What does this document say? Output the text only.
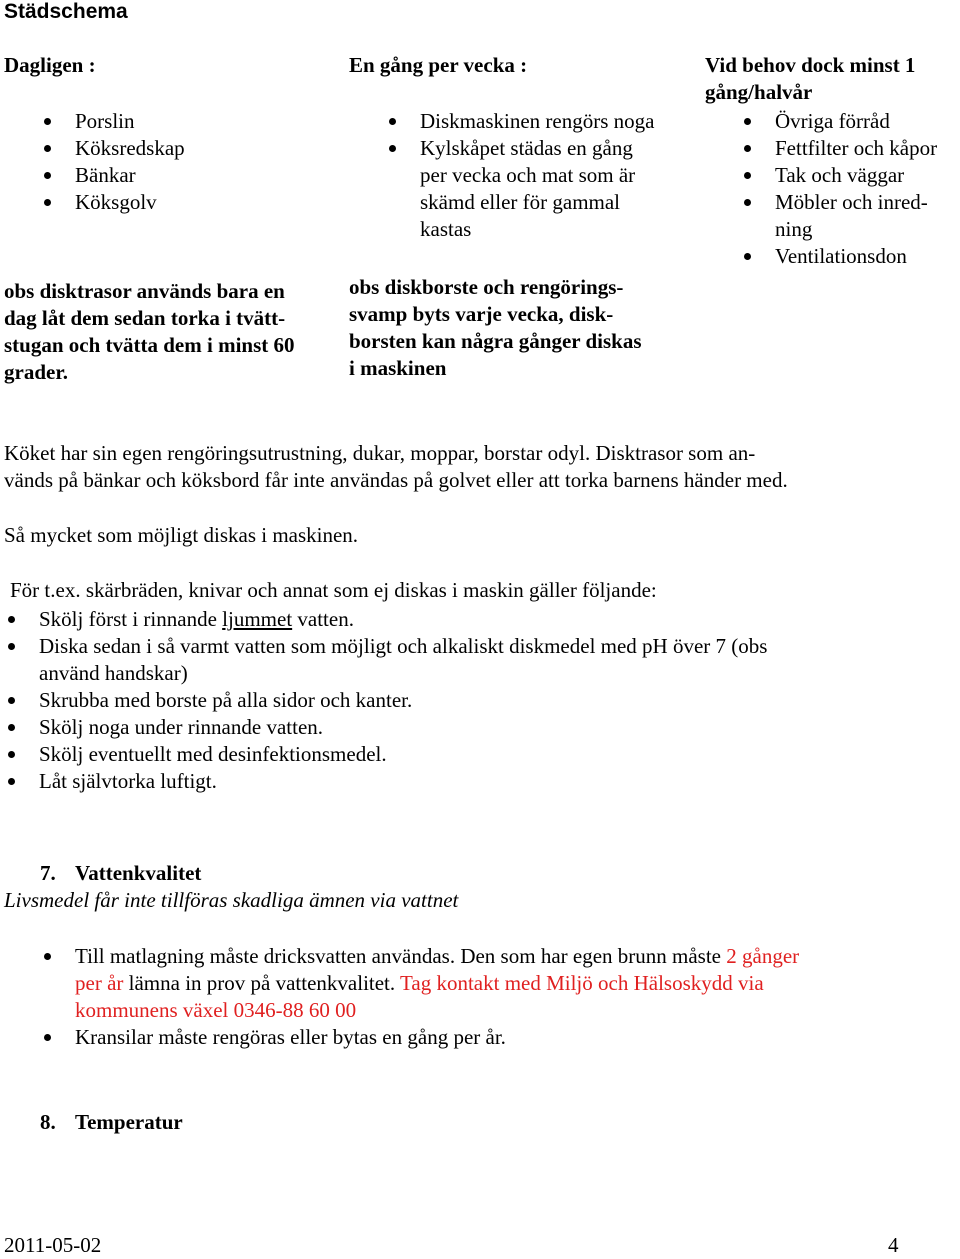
Städschema
Dagligen :
Porslin
Köksredskap
Bänkar
Köksgolv
obs disktrasor används bara en
dag låt dem sedan torka i tvätt-
stugan och tvätta dem i minst 60
grader.
En gång per vecka :
Diskmaskinen rengörs noga
Kylskåpet städas en gång
per vecka och mat som är
skämd eller för gammal
kastas
obs diskborste och rengörings-
svamp byts varje vecka, disk-
borsten kan några gånger diskas
i maskinen
Vid behov dock minst 1
gång/halvår
Övriga förråd
Fettfilter och kåpor
Tak och väggar
Möbler och inred-
ning
Ventilationsdon
Köket har sin egen rengöringsutrustning, dukar, moppar, borstar odyl. Disktrasor som an-
vänds på bänkar och köksbord får inte användas på golvet eller att torka barnens händer med.

Så mycket som möjligt diskas i maskinen.

För t.ex. skärbräden, knivar och annat som ej diskas i maskin gäller följande:

Skölj först i rinnande ljummet vatten.
Diska sedan i så varmt vatten som möjligt och alkaliskt diskmedel med pH över 7 (obs
använd handskar)
Skrubba med borste på alla sidor och kanter.
Skölj noga under rinnande vatten.
Skölj eventuellt med desinfektionsmedel.
Låt självtorka luftigt.
7. Vattenkvalitet
Livsmedel får inte tillföras skadliga ämnen via vattnet
Till matlagning måste dricksvatten användas. Den som har egen brunn måste 2 gånger
per år lämna in prov på vattenkvalitet. Tag kontakt med Miljö och Hälsoskydd via
kommunens växel 0346-88 60 00
Kransilar måste rengöras eller bytas en gång per år.
8. Temperatur
2011-05-02	4
